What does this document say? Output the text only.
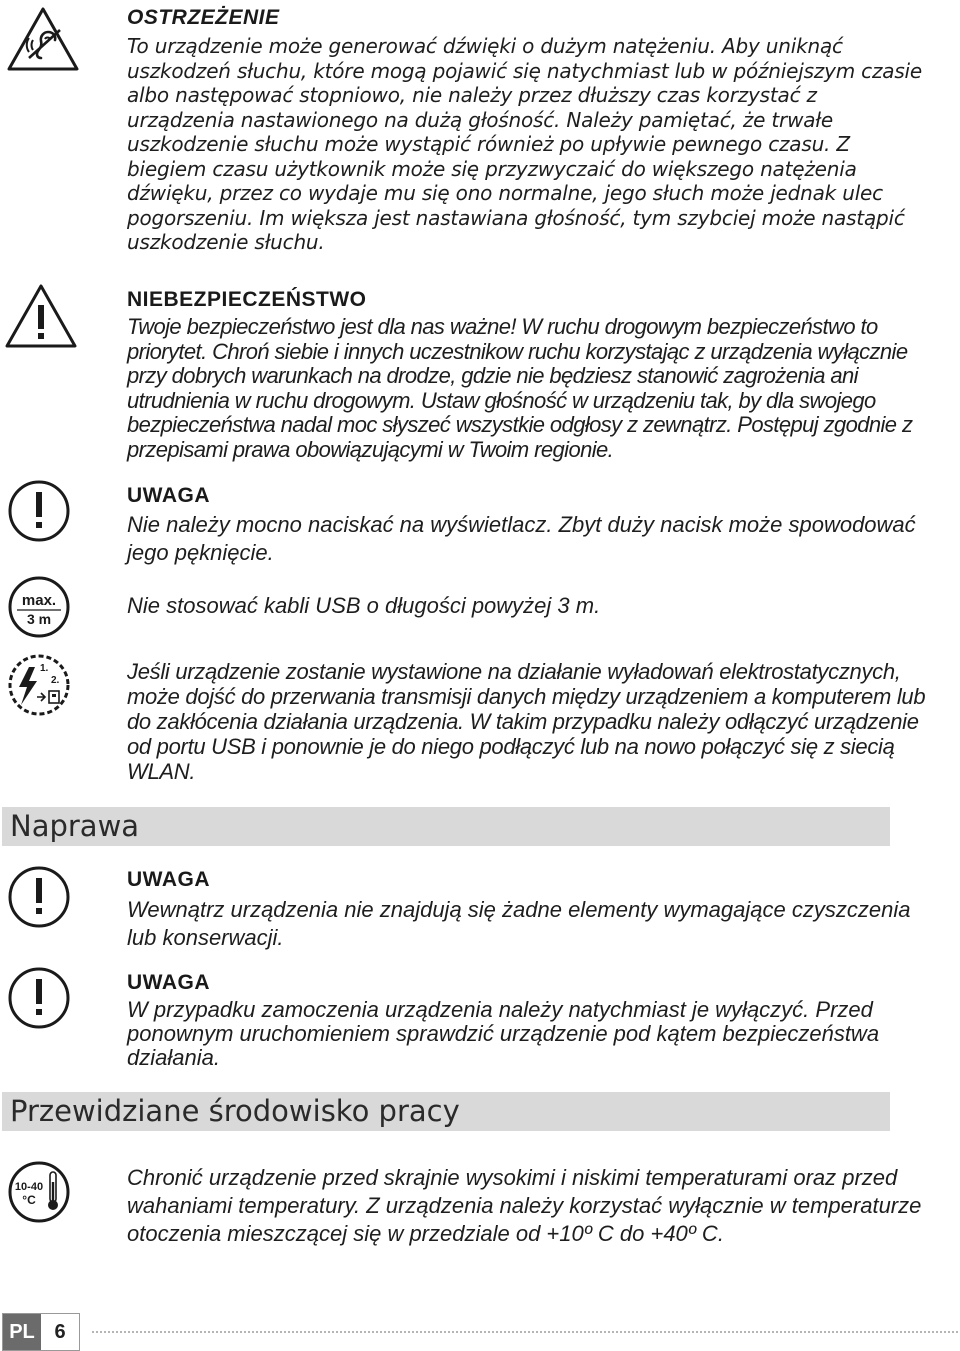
OSTRZEŻENIE
To urządzenie może generować dźwięki o dużym natężeniu. Aby uniknąć uszkodzeń słuchu, które mogą pojawić się natychmiast lub w późniejszym czasie albo następować stopniowo, nie należy przez dłuższy czas korzystać z urządzenia nastawionego na dużą głośność. Należy pamiętać, że trwałe uszkodzenie słuchu może wystąpić również po upływie pewnego czasu. Z biegiem czasu użytkownik może się przyzwyczaić do większego natężenia dźwięku, przez co wydaje mu się ono normalne, jego słuch może jednak ulec pogorszeniu. Im większa jest nastawiana głośność, tym szybciej może nastąpić uszkodzenie słuchu.
NIEBEZPIECZEŃSTWO
Twoje bezpieczeństwo jest dla nas ważne! W ruchu drogowym bezpieczeństwo to priorytet. Chroń siebie i innych uczestnikow ruchu korzystając z urządzenia wyłącznie przy dobrych warunkach na drodze, gdzie nie będziesz stanowić zagrożenia ani utrudnienia w ruchu drogowym. Ustaw głośność w urządzeniu tak, by dla swojego bezpieczeństwa nadal moc słyszeć wszystkie odgłosy z zewnątrz. Postępuj zgodnie z przepisami prawa obowiązującymi w Twoim regionie.
UWAGA
Nie należy mocno naciskać na wyświetlacz. Zbyt duży nacisk może spowodować jego pęknięcie.
max.
3 m
Nie stosować kabli USB o długości powyżej 3 m.
1.
2.	Jeśli urządzenie zostanie wystawione na działanie wyładowań elektrostatycznych, może dojść do przerwania transmisji danych między urządzeniem a komputerem lub do zakłócenia działania urządzenia. W takim przypadku należy odłączyć urządzenie od portu USB i ponownie je do niego podłączyć lub na nowo połączyć się z siecią WLAN.
Naprawa
UWAGA
Wewnątrz urządzenia nie znajdują się żadne elementy wymagające czyszczenia lub konserwacji.
UWAGA
W przypadku zamoczenia urządzenia należy natychmiast je wyłączyć. Przed ponownym uruchomieniem sprawdzić urządzenie pod kątem bezpieczeństwa działania.
Przewidziane środowisko pracy
10-40
°C
Chronić urządzenie przed skrajnie wysokimi i niskimi temperaturami oraz przed wahaniami temperatury. Z urządzenia należy korzystać wyłącznie w temperaturze otoczenia mieszczącej się w przedziale od +10º C do +40º C.
PL 6
